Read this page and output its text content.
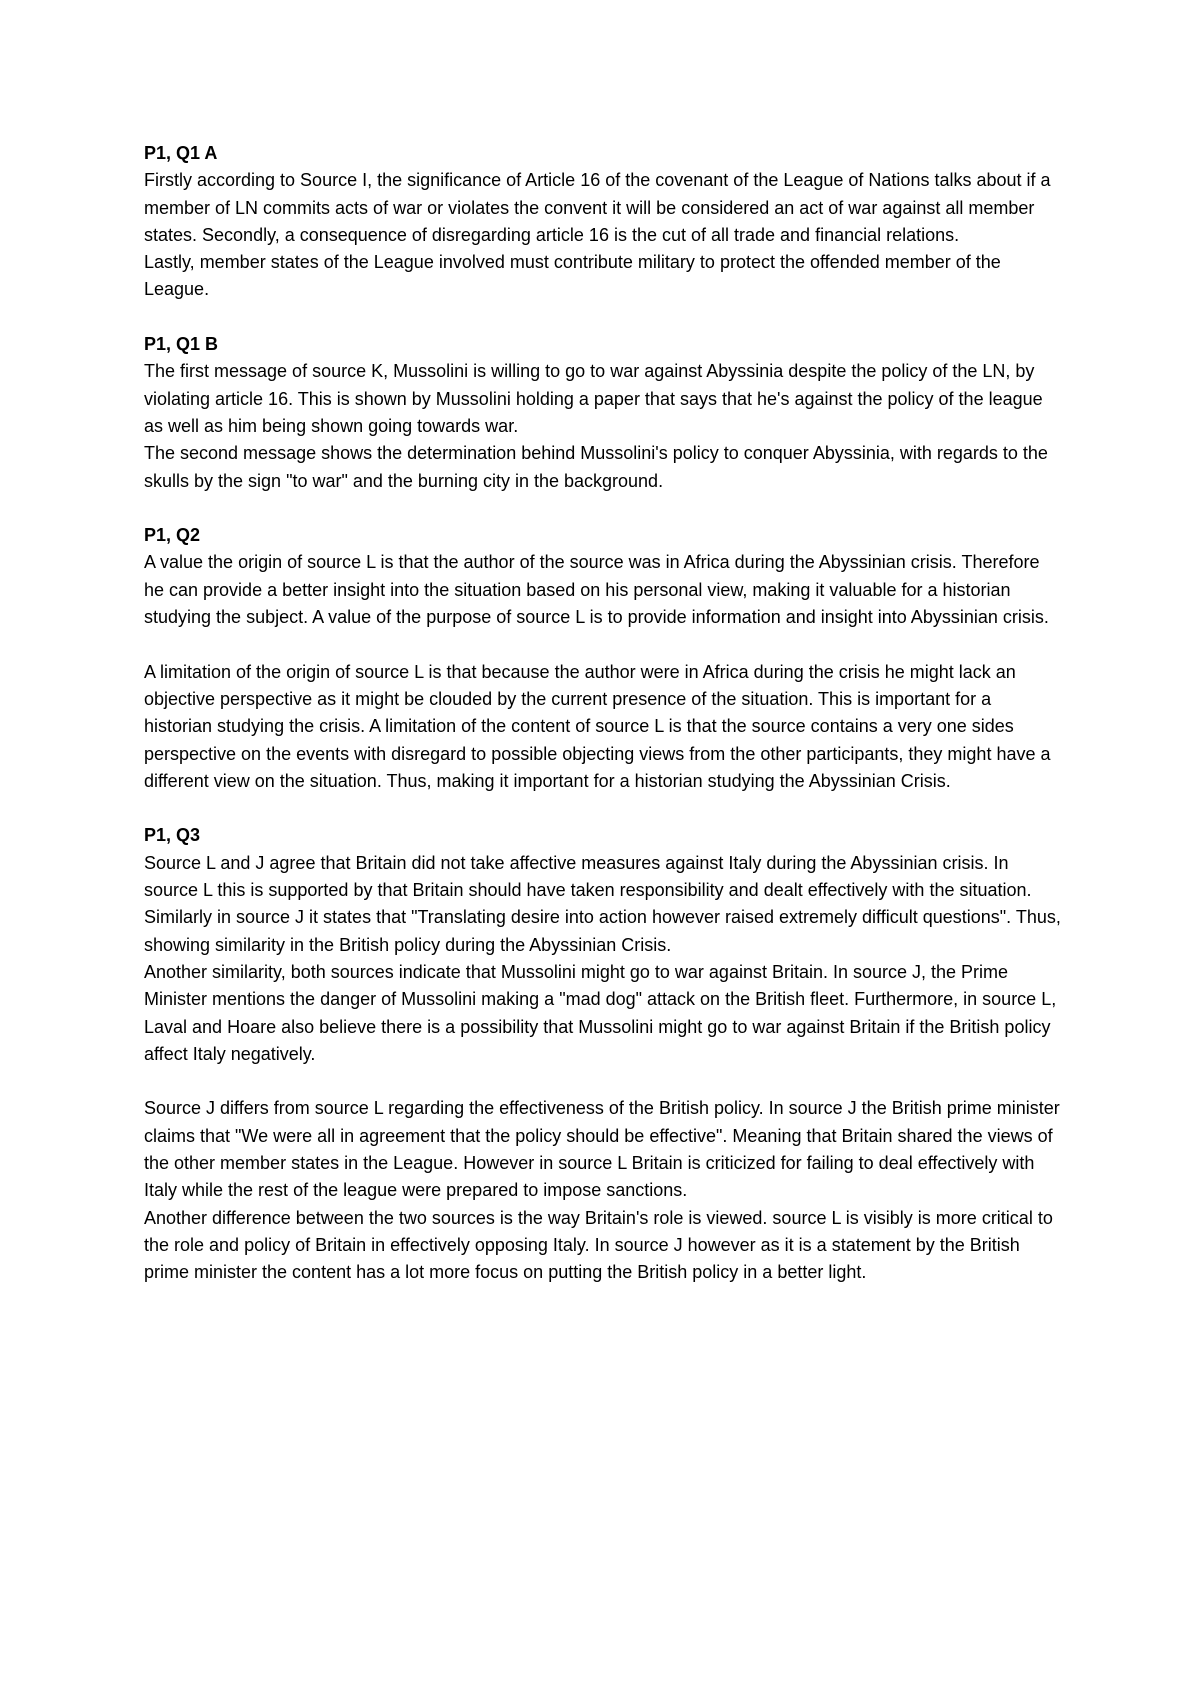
P1, Q1 A

Firstly according to Source I, the significance of Article 16 of the covenant of the League of Nations talks about if a member of LN commits acts of war or violates the convent it will be considered an act of war against all member states. Secondly, a consequence of disregarding article 16 is the cut of all trade and financial relations.

Lastly, member states of the League involved must contribute military to protect the offended member of the League.

P1, Q1 B

The first message of source K, Mussolini is willing to go to war against Abyssinia despite the policy of the LN, by violating article 16. This is shown by Mussolini holding a paper that says that he's against the policy of the league as well as him being shown going towards war.

The second message shows the determination behind Mussolini's policy to conquer Abyssinia, with regards to the skulls by the sign "to war" and the burning city in the background.

P1, Q2

A value the origin of source L is that the author of the source was in Africa during the Abyssinian crisis. Therefore he can provide a better insight into the situation based on his personal view, making it valuable for a historian studying the subject. A value of the purpose of source L is to provide information and insight into Abyssinian crisis.

A limitation of the origin of source L is that because the author were in Africa during the crisis he might lack an objective perspective as it might be clouded by the current presence of the situation. This is important for a historian studying the crisis. A limitation of the content of source L is that the source contains a very one sides perspective on the events with disregard to possible objecting views from the other participants, they might have a different view on the situation. Thus, making it important for a historian studying the Abyssinian Crisis.

P1, Q3

Source L and J agree that Britain did not take affective measures against Italy during the Abyssinian crisis. In source L this is supported by that Britain should have taken responsibility and dealt effectively with the situation. Similarly in source J it states that "Translating desire into action however raised extremely difficult questions". Thus, showing similarity in the British policy during the Abyssinian Crisis.

Another similarity, both sources indicate that Mussolini might go to war against Britain. In source J, the Prime Minister mentions the danger of Mussolini making a "mad dog" attack on the British fleet. Furthermore, in source L, Laval and Hoare also believe there is a possibility that Mussolini might go to war against Britain if the British policy affect Italy negatively.

Source J differs from source L regarding the effectiveness of the British policy. In source J the British prime minister claims that "We were all in agreement that the policy should be effective". Meaning that Britain shared the views of the other member states in the League. However in source L Britain is criticized for failing to deal effectively with Italy while the rest of the league were prepared to impose sanctions.

Another difference between the two sources is the way Britain's role is viewed. source L is visibly is more critical to the role and policy of Britain in effectively opposing Italy. In source J however as it is a statement by the British prime minister the content has a lot more focus on putting the British policy in a better light.
